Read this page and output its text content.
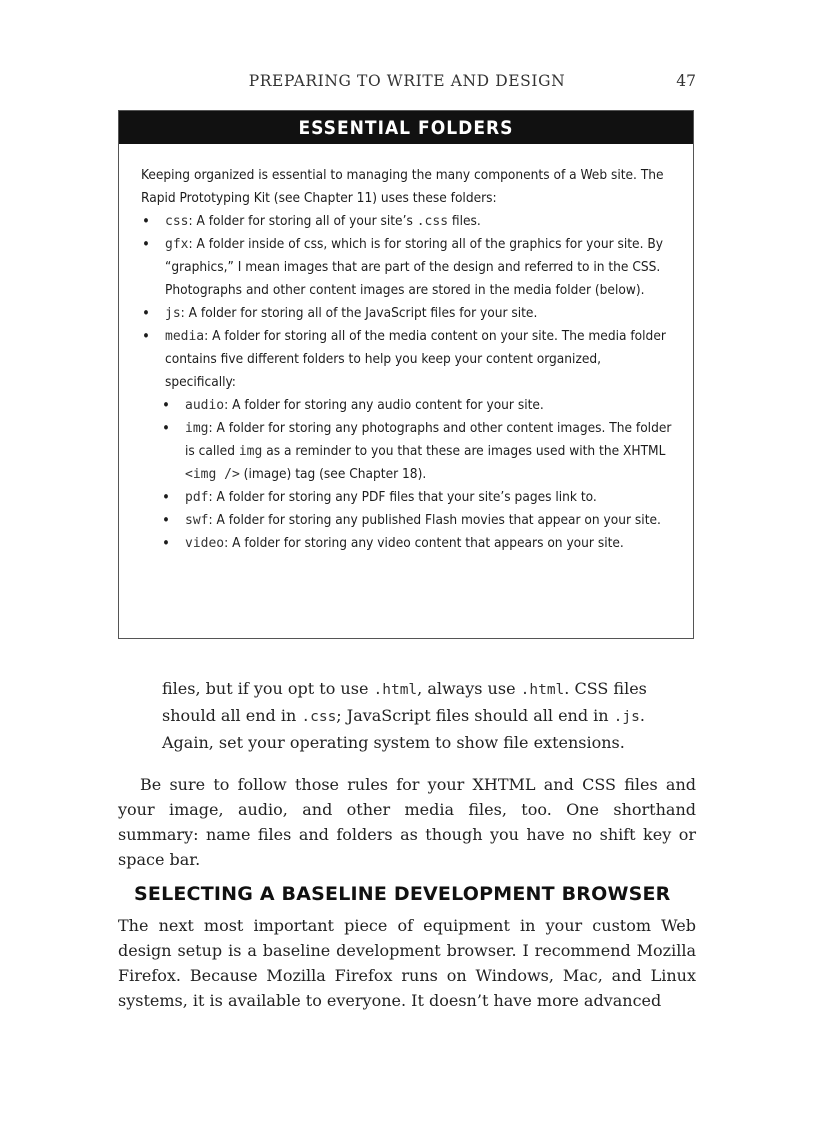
PREPARING TO WRITE AND DESIGN	47
ESSENTIAL FOLDERS

Keeping organized is essential to managing the many components of a Web site. The Rapid Prototyping Kit (see Chapter 11) uses these folders:

• css: A folder for storing all of your site’s .css files.
• gfx: A folder inside of css, which is for storing all of the graphics for your site. By “graphics,” I mean images that are part of the design and referred to in the CSS. Photographs and other content images are stored in the media folder (below).
• js: A folder for storing all of the JavaScript files for your site.
• media: A folder for storing all of the media content on your site. The media folder contains five different folders to help you keep your content organized, specifically:
• audio: A folder for storing any audio content for your site.
• img: A folder for storing any photographs and other content images. The folder is called img as a reminder to you that these are images used with the XHTML <img /> (image) tag (see Chapter 18).
• pdf: A folder for storing any PDF files that your site’s pages link to.
• swf: A folder for storing any published Flash movies that appear on your site.
• video: A folder for storing any video content that appears on your site.

files, but if you opt to use .html, always use .html. CSS files should all end in .css; JavaScript files should all end in .js. Again, set your operating system to show file extensions.

Be sure to follow those rules for your XHTML and CSS files and your image, audio, and other media files, too. One shorthand summary: name files and folders as though you have no shift key or space bar.
SELECTING A BASELINE DEVELOPMENT BROWSER
The next most important piece of equipment in your custom Web design setup is a baseline development browser. I recommend Mozilla Firefox. Because Mozilla Firefox runs on Windows, Mac, and Linux systems, it is available to everyone. It doesn’t have more advanced
